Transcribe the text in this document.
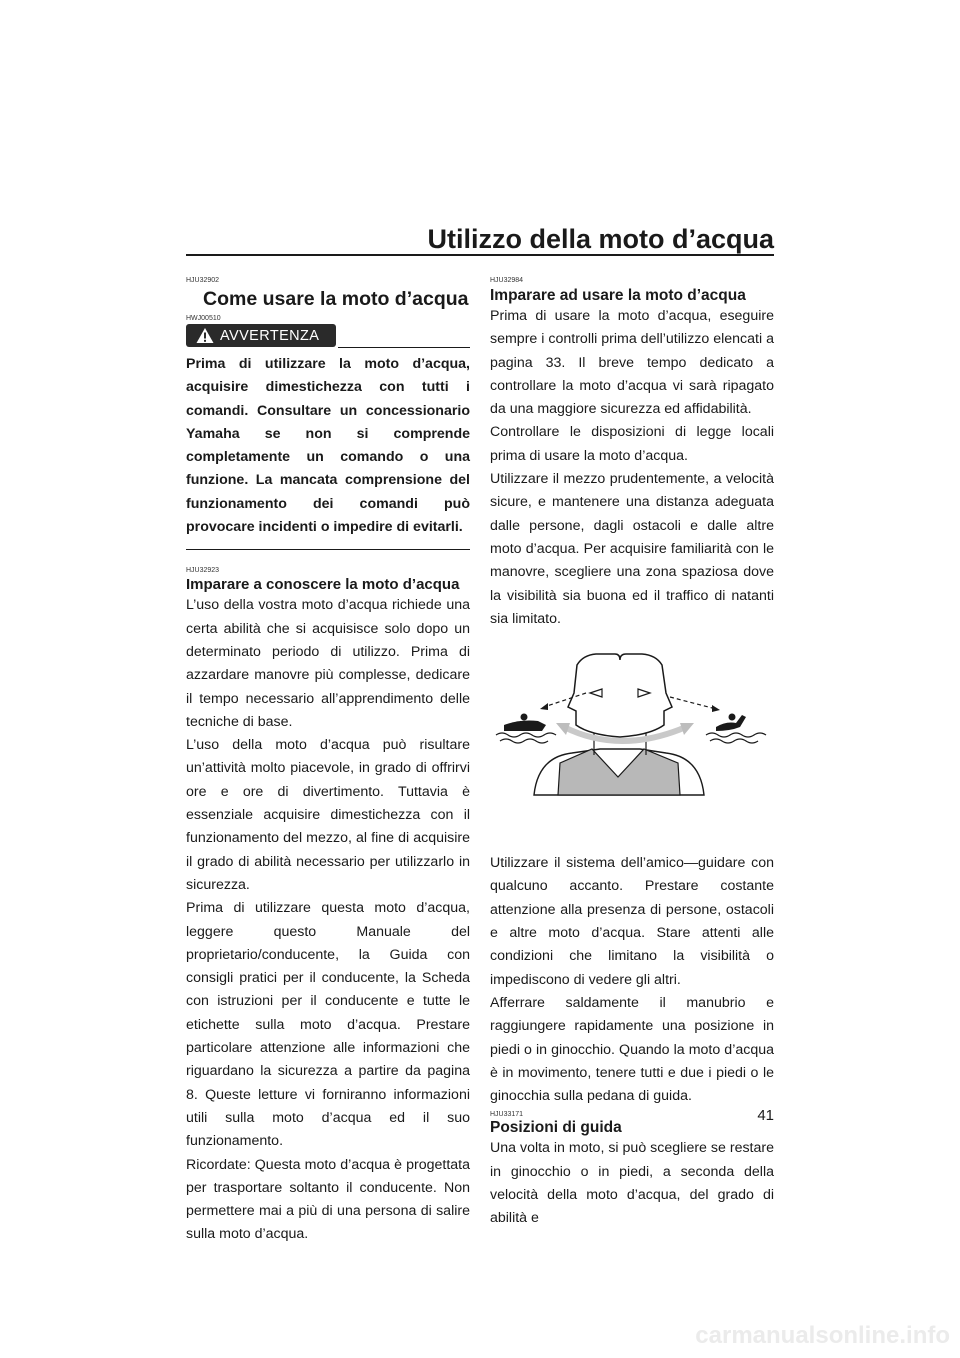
Utilizzo della moto d’acqua

HJU32902

Come usare la moto d’acqua

HWJ00510

AVVERTENZA

Prima di utilizzare la moto d’acqua, acquisire dimestichezza con tutti i comandi. Consultare un concessionario Yamaha se non si comprende completamente un comando o una funzione. La mancata comprensione del funzionamento dei comandi può provocare incidenti o impedire di evitarli.

HJU32923

Imparare a conoscere la moto d’acqua

L’uso della vostra moto d’acqua richiede una certa abilità che si acquisisce solo dopo un determinato periodo di utilizzo. Prima di azzardare manovre più complesse, dedicare il tempo necessario all’apprendimento delle tecniche di base.

L’uso della moto d’acqua può risultare un’attività molto piacevole, in grado di offrirvi ore e ore di divertimento. Tuttavia è essenziale acquisire dimestichezza con il funzionamento del mezzo, al fine di acquisire il grado di abilità necessario per utilizzarlo in sicurezza.

Prima di utilizzare questa moto d’acqua, leggere questo Manuale del proprietario/conducente, la Guida con consigli pratici per il conducente, la Scheda con istruzioni per il conducente e tutte le etichette sulla moto d’acqua. Prestare particolare attenzione alle informazioni che riguardano la sicurezza a partire da pagina 8. Queste letture vi forniranno informazioni utili sulla moto d’acqua ed il suo funzionamento.

Ricordate: Questa moto d’acqua è progettata per trasportare soltanto il conducente. Non permettere mai a più di una persona di salire sulla moto d’acqua.

HJU32984

Imparare ad usare la moto d’acqua

Prima di usare la moto d’acqua, eseguire sempre i controlli prima dell’utilizzo elencati a pagina 33. Il breve tempo dedicato a controllare la moto d’acqua vi sarà ripagato da una maggiore sicurezza ed affidabilità.

Controllare le disposizioni di legge locali prima di usare la moto d’acqua.

Utilizzare il mezzo prudentemente, a velocità sicure, e mantenere una distanza adeguata dalle persone, dagli ostacoli e dalle altre moto d’acqua. Per acquisire familiarità con le manovre, scegliere una zona spaziosa dove la visibilità sia buona ed il traffico di natanti sia limitato.

Utilizzare il sistema dell’amico—guidare con qualcuno accanto. Prestare costante attenzione alla presenza di persone, ostacoli e altre moto d’acqua. Stare attenti alle condizioni che limitano la visibilità o impediscono di vedere gli altri.

Afferrare saldamente il manubrio e raggiungere rapidamente una posizione in piedi o in ginocchio. Quando la moto d’acqua è in movimento, tenere tutti e due i piedi o le ginocchia sulla pedana di guida.

HJU33171

Posizioni di guida

Una volta in moto, si può scegliere se restare in ginocchio o in piedi, a seconda della velocità della moto d’acqua, del grado di abilità e

41
carmanualsonline.info
